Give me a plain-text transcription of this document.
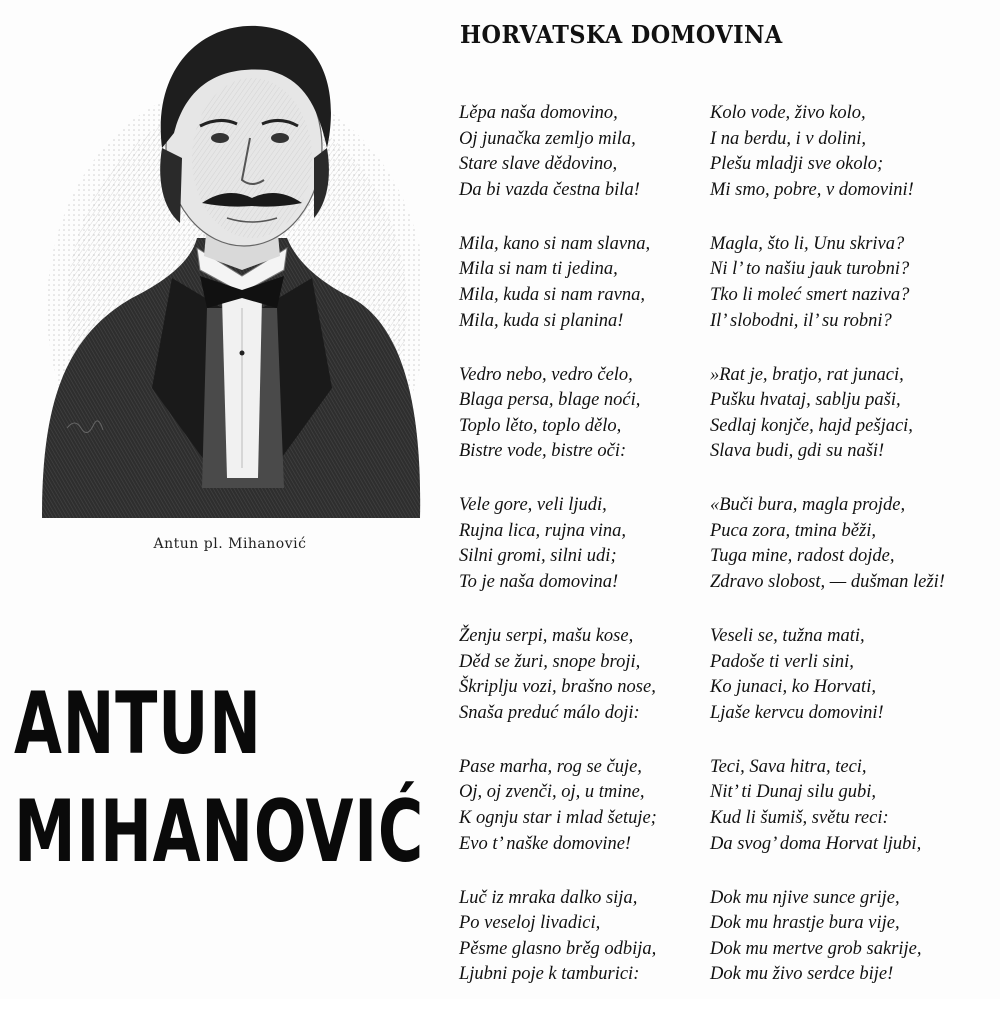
Antun pl. Mihanović
ANTUN
MIHANOVIĆ
HORVATSKA DOMOVINA
Lěpa naša domovino,
Oj junačka zemljo mila,
Stare slave dědovino,
Da bi vazda čestna bila!
Mila, kano si nam slavna,
Mila si nam ti jedina,
Mila, kuda si nam ravna,
Mila, kuda si planina!
Vedro nebo, vedro čelo,
Blaga persa, blage noći,
Toplo lěto, toplo dělo,
Bistre vode, bistre oči:
Vele gore, veli ljudi,
Rujna lica, rujna vina,
Silni gromi, silni udi;
To je naša domovina!
Ženju serpi, mašu kose,
Děd se žuri, snope broji,
Škriplju vozi, brašno nose,
Snaša preduć málo doji:
Pase marha, rog se čuje,
Oj, oj zvenči, oj, u tmine,
K ognju star i mlad šetuje;
Evo t’ naške domovine!
Luč iz mraka dalko sija,
Po veseloj livadici,
Pěsme glasno brěg odbija,
Ljubni poje k tamburici:
Kolo vode, živo kolo,
I na berdu, i v dolini,
Plešu mladji sve okolo;
Mi smo, pobre, v domovini!
Magla, što li, Unu skriva?
Ni l’ to našiu jauk turobni?
Tko li moleć smert naziva?
Il’ slobodni, il’ su robni?
»Rat je, bratjo, rat junaci,
Pušku hvataj, sablju paši,
Sedlaj konjče, hajd pešjaci,
Slava budi, gdi su naši!
«Buči bura, magla projde,
Puca zora, tmina běži,
Tuga mine, radost dojde,
Zdravo slobost, — dušman leži!
Veseli se, tužna mati,
Padoše ti verli sini,
Ko junaci, ko Horvati,
Ljaše kervcu domovini!
Teci, Sava hitra, teci,
Nit’ ti Dunaj silu gubi,
Kud li šumiš, světu reci:
Da svog’ doma Horvat ljubi,
Dok mu njive sunce grije,
Dok mu hrastje bura vije,
Dok mu mertve grob sakrije,
Dok mu živo serdce bije!
